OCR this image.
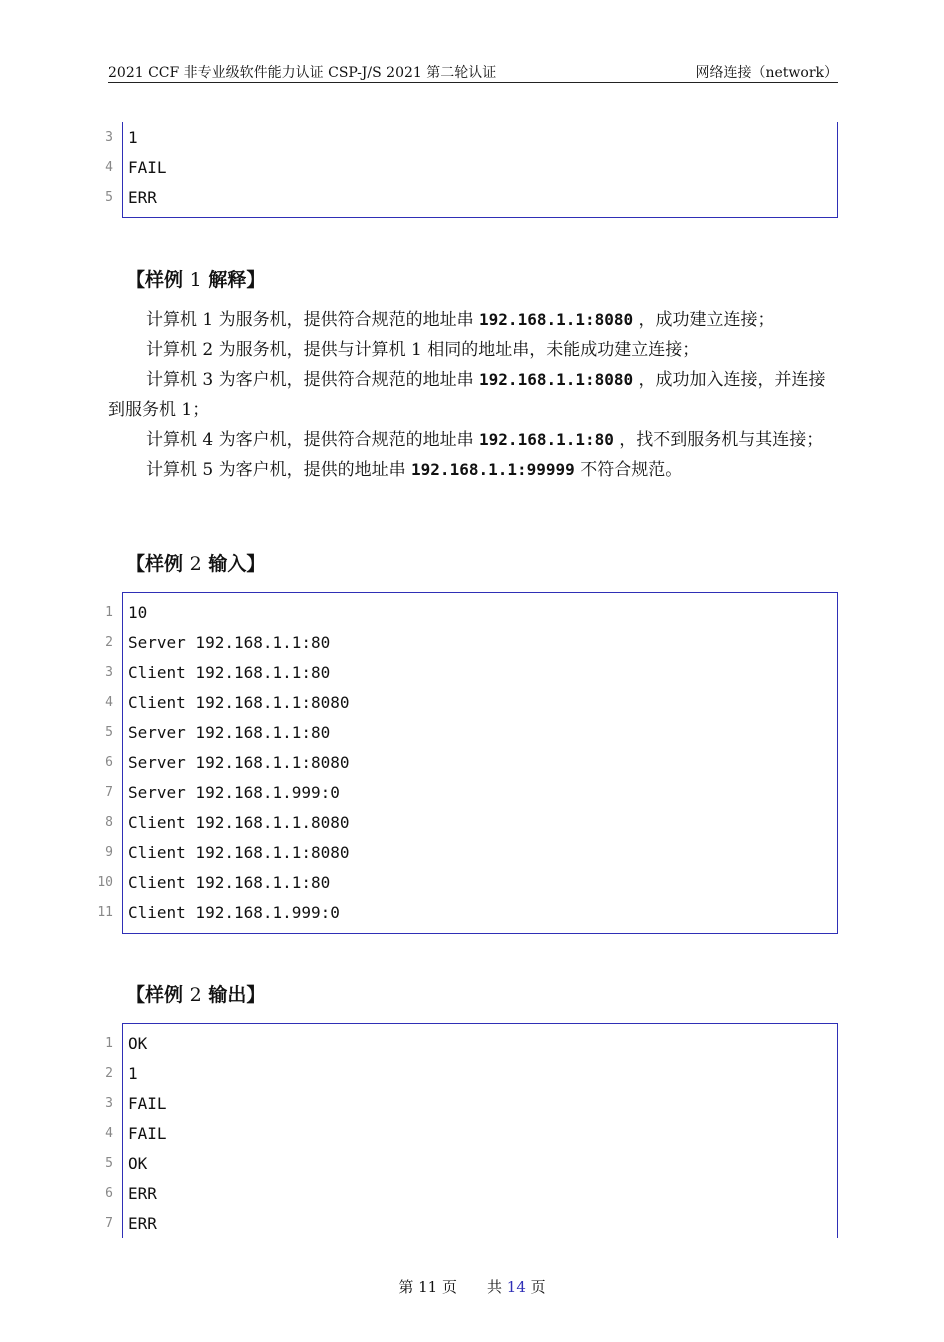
2021 CCF 非专业级软件能力认证 CSP-J/S 2021 第二轮认证	网络连接（network）
3 1
4 FAIL
5 ERR
【样例 1 解释】

计算机 1 为服务机，提供符合规范的地址串 192.168.1.1:8080 ，成功建立连接；

计算机 2 为服务机，提供与计算机 1 相同的地址串，未能成功建立连接；

计算机 3 为客户机，提供符合规范的地址串 192.168.1.1:8080 ，成功加入连接，并连接到服务机 1；

计算机 4 为客户机，提供符合规范的地址串 192.168.1.1:80 ，找不到服务机与其连接；

计算机 5 为客户机，提供的地址串 192.168.1.1:99999 不符合规范。

【样例 2 输入】
1 10
2 Server 192.168.1.1:80
3 Client 192.168.1.1:80
4 Client 192.168.1.1:8080
5 Server 192.168.1.1:80
6 Server 192.168.1.1:8080
7 Server 192.168.1.999:0
8 Client 192.168.1.1.8080
9 Client 192.168.1.1:8080
10 Client 192.168.1.1:80
11 Client 192.168.1.999:0
【样例 2 输出】
1 OK
2 1
3 FAIL
4 FAIL
5 OK
6 ERR
7 ERR
第 11 页　　 共 14 页
